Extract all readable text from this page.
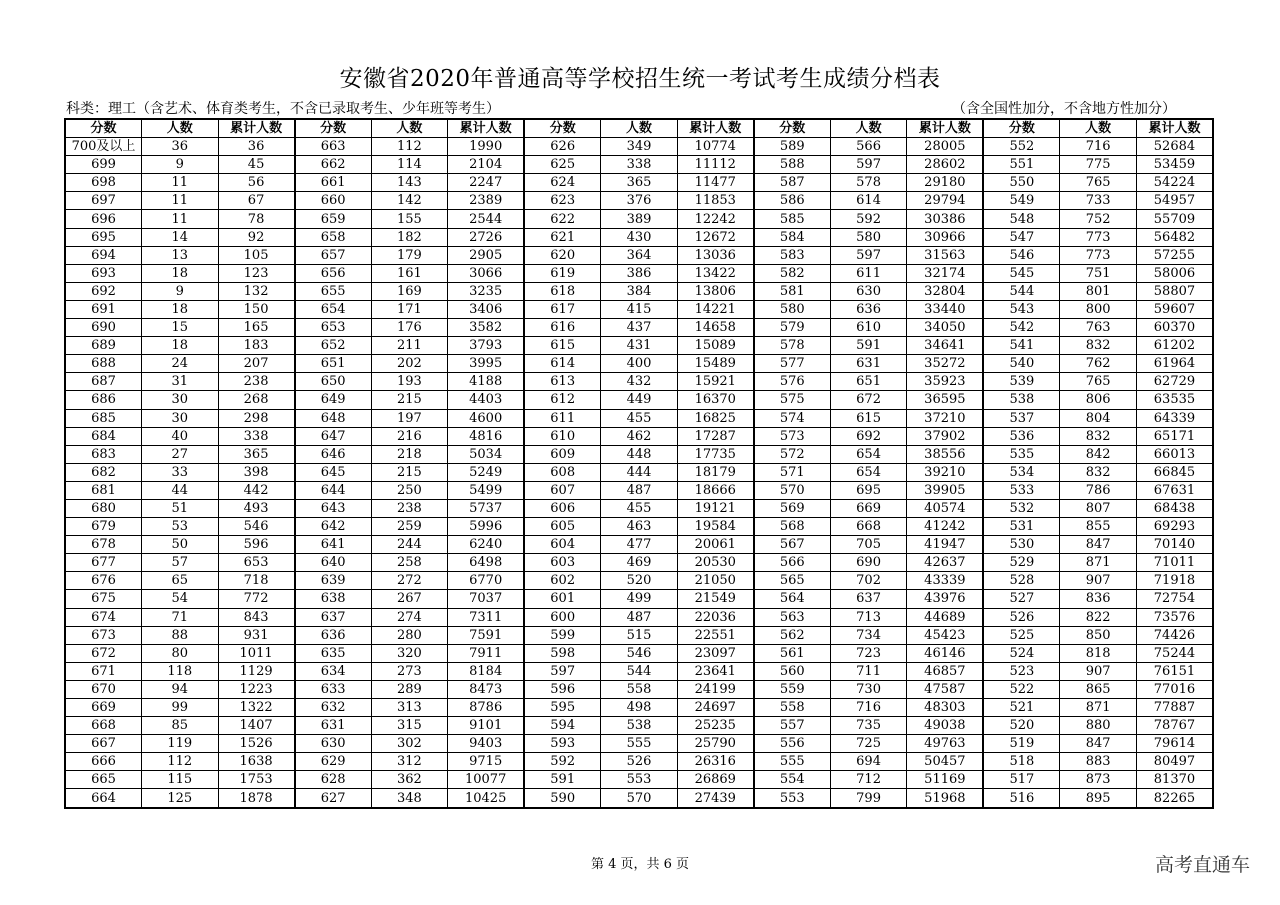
安徽省2020年普通高等学校招生统一考试考生成绩分档表
科类：理工（含艺术、体育类考生，不含已录取考生、少年班等考生）	（含全国性加分，不含地方性加分）
分数	人数	累计人数	分数	人数	累计人数	分数	人数	累计人数	分数	人数	累计人数	分数	人数	累计人数
700及以上	36	36	663	112	1990	626	349	10774	589	566	28005	552	716	52684
699	9	45	662	114	2104	625	338	11112	588	597	28602	551	775	53459
698	11	56	661	143	2247	624	365	11477	587	578	29180	550	765	54224
697	11	67	660	142	2389	623	376	11853	586	614	29794	549	733	54957
696	11	78	659	155	2544	622	389	12242	585	592	30386	548	752	55709
695	14	92	658	182	2726	621	430	12672	584	580	30966	547	773	56482
694	13	105	657	179	2905	620	364	13036	583	597	31563	546	773	57255
693	18	123	656	161	3066	619	386	13422	582	611	32174	545	751	58006
692	9	132	655	169	3235	618	384	13806	581	630	32804	544	801	58807
691	18	150	654	171	3406	617	415	14221	580	636	33440	543	800	59607
690	15	165	653	176	3582	616	437	14658	579	610	34050	542	763	60370
689	18	183	652	211	3793	615	431	15089	578	591	34641	541	832	61202
688	24	207	651	202	3995	614	400	15489	577	631	35272	540	762	61964
687	31	238	650	193	4188	613	432	15921	576	651	35923	539	765	62729
686	30	268	649	215	4403	612	449	16370	575	672	36595	538	806	63535
685	30	298	648	197	4600	611	455	16825	574	615	37210	537	804	64339
684	40	338	647	216	4816	610	462	17287	573	692	37902	536	832	65171
683	27	365	646	218	5034	609	448	17735	572	654	38556	535	842	66013
682	33	398	645	215	5249	608	444	18179	571	654	39210	534	832	66845
681	44	442	644	250	5499	607	487	18666	570	695	39905	533	786	67631
680	51	493	643	238	5737	606	455	19121	569	669	40574	532	807	68438
679	53	546	642	259	5996	605	463	19584	568	668	41242	531	855	69293
678	50	596	641	244	6240	604	477	20061	567	705	41947	530	847	70140
677	57	653	640	258	6498	603	469	20530	566	690	42637	529	871	71011
676	65	718	639	272	6770	602	520	21050	565	702	43339	528	907	71918
675	54	772	638	267	7037	601	499	21549	564	637	43976	527	836	72754
674	71	843	637	274	7311	600	487	22036	563	713	44689	526	822	73576
673	88	931	636	280	7591	599	515	22551	562	734	45423	525	850	74426
672	80	1011	635	320	7911	598	546	23097	561	723	46146	524	818	75244
671	118	1129	634	273	8184	597	544	23641	560	711	46857	523	907	76151
670	94	1223	633	289	8473	596	558	24199	559	730	47587	522	865	77016
669	99	1322	632	313	8786	595	498	24697	558	716	48303	521	871	77887
668	85	1407	631	315	9101	594	538	25235	557	735	49038	520	880	78767
667	119	1526	630	302	9403	593	555	25790	556	725	49763	519	847	79614
666	112	1638	629	312	9715	592	526	26316	555	694	50457	518	883	80497
665	115	1753	628	362	10077	591	553	26869	554	712	51169	517	873	81370
664	125	1878	627	348	10425	590	570	27439	553	799	51968	516	895	82265
第 4 页，共 6 页	高考直通车
